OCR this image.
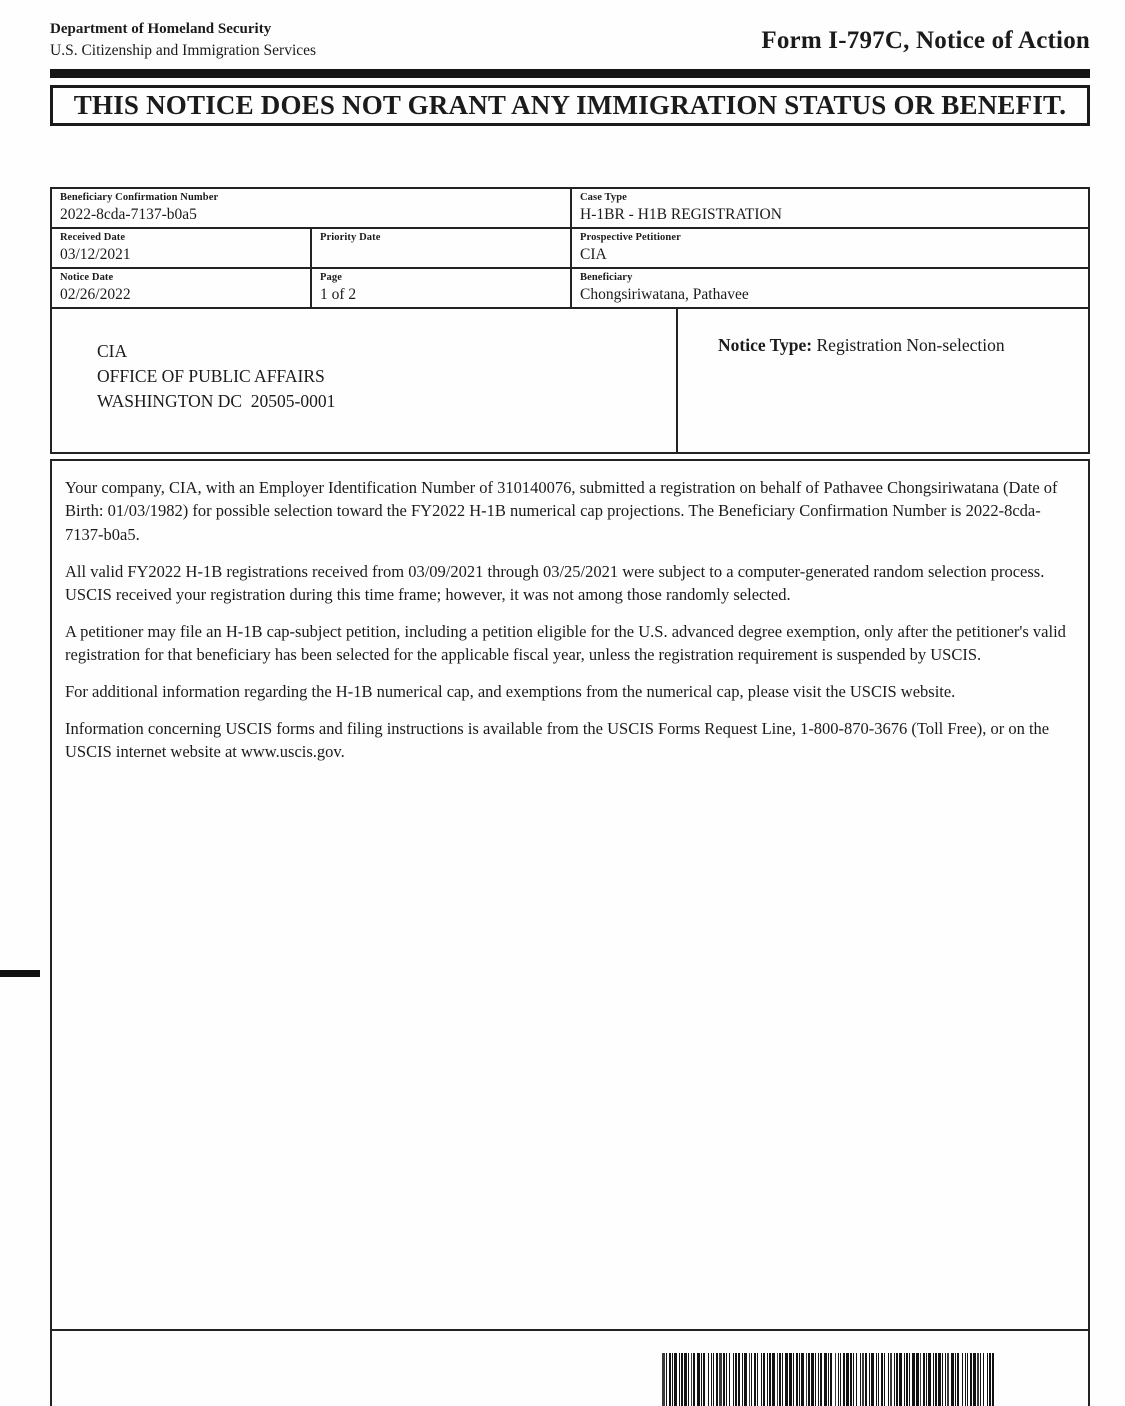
Department of Homeland Security
U.S. Citizenship and Immigration Services	Form I-797C, Notice of Action
THIS NOTICE DOES NOT GRANT ANY IMMIGRATION STATUS OR BENEFIT.
Beneficiary Confirmation Number
2022-8cda-7137-b0a5
Case Type
H-1BR - H1B REGISTRATION
Received Date
03/12/2021
Priority Date	Prospective Petitioner
CIA
Notice Date
02/26/2022
Page
1 of 2
Beneficiary
Chongsiriwatana, Pathavee
CIA
OFFICE OF PUBLIC AFFAIRS
WASHINGTON DC  20505-0001
Notice Type: Registration Non-selection

Your company, CIA, with an Employer Identification Number of 310140076, submitted a registration on behalf of Pathavee Chongsiriwatana (Date of Birth: 01/03/1982) for possible selection toward the FY2022 H-1B numerical cap projections. The Beneficiary Confirmation Number is 2022-8cda-7137-b0a5.

All valid FY2022 H-1B registrations received from 03/09/2021 through 03/25/2021 were subject to a computer-generated random selection process. USCIS received your registration during this time frame; however, it was not among those randomly selected.

A petitioner may file an H-1B cap-subject petition, including a petition eligible for the U.S. advanced degree exemption, only after the petitioner's valid registration for that beneficiary has been selected for the applicable fiscal year, unless the registration requirement is suspended by USCIS.

For additional information regarding the H-1B numerical cap, and exemptions from the numerical cap, please visit the USCIS website.

Information concerning USCIS forms and filing instructions is available from the USCIS Forms Request Line, 1-800-870-3676 (Toll Free), or on the USCIS internet website at www.uscis.gov.
